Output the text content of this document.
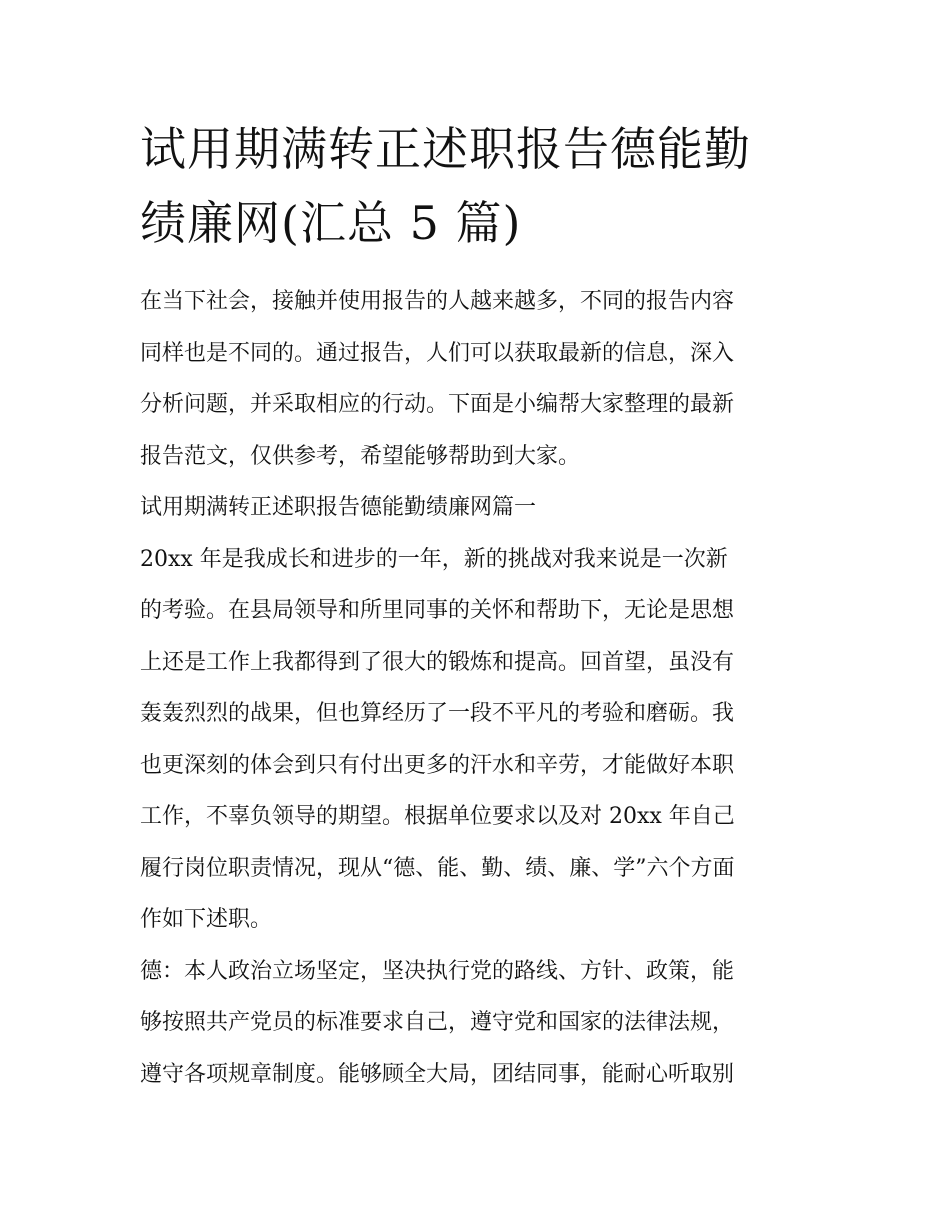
试用期满转正述职报告德能勤
绩廉网(汇总 5 篇)
在当下社会，接触并使用报告的人越来越多，不同的报告内容
同样也是不同的。通过报告，人们可以获取最新的信息，深入
分析问题，并采取相应的行动。下面是小编帮大家整理的最新
报告范文，仅供参考，希望能够帮助到大家。
试用期满转正述职报告德能勤绩廉网篇一
20xx 年是我成长和进步的一年，新的挑战对我来说是一次新
的考验。在县局领导和所里同事的关怀和帮助下，无论是思想
上还是工作上我都得到了很大的锻炼和提高。回首望，虽没有
轰轰烈烈的战果，但也算经历了一段不平凡的考验和磨砺。我
也更深刻的体会到只有付出更多的汗水和辛劳，才能做好本职
工作，不辜负领导的期望。根据单位要求以及对 20xx 年自己
履行岗位职责情况，现从“德、能、勤、绩、廉、学”六个方面
作如下述职。
德：本人政治立场坚定，坚决执行党的路线、方针、政策，能
够按照共产党员的标准要求自己，遵守党和国家的法律法规，
遵守各项规章制度。能够顾全大局，团结同事，能耐心听取别
